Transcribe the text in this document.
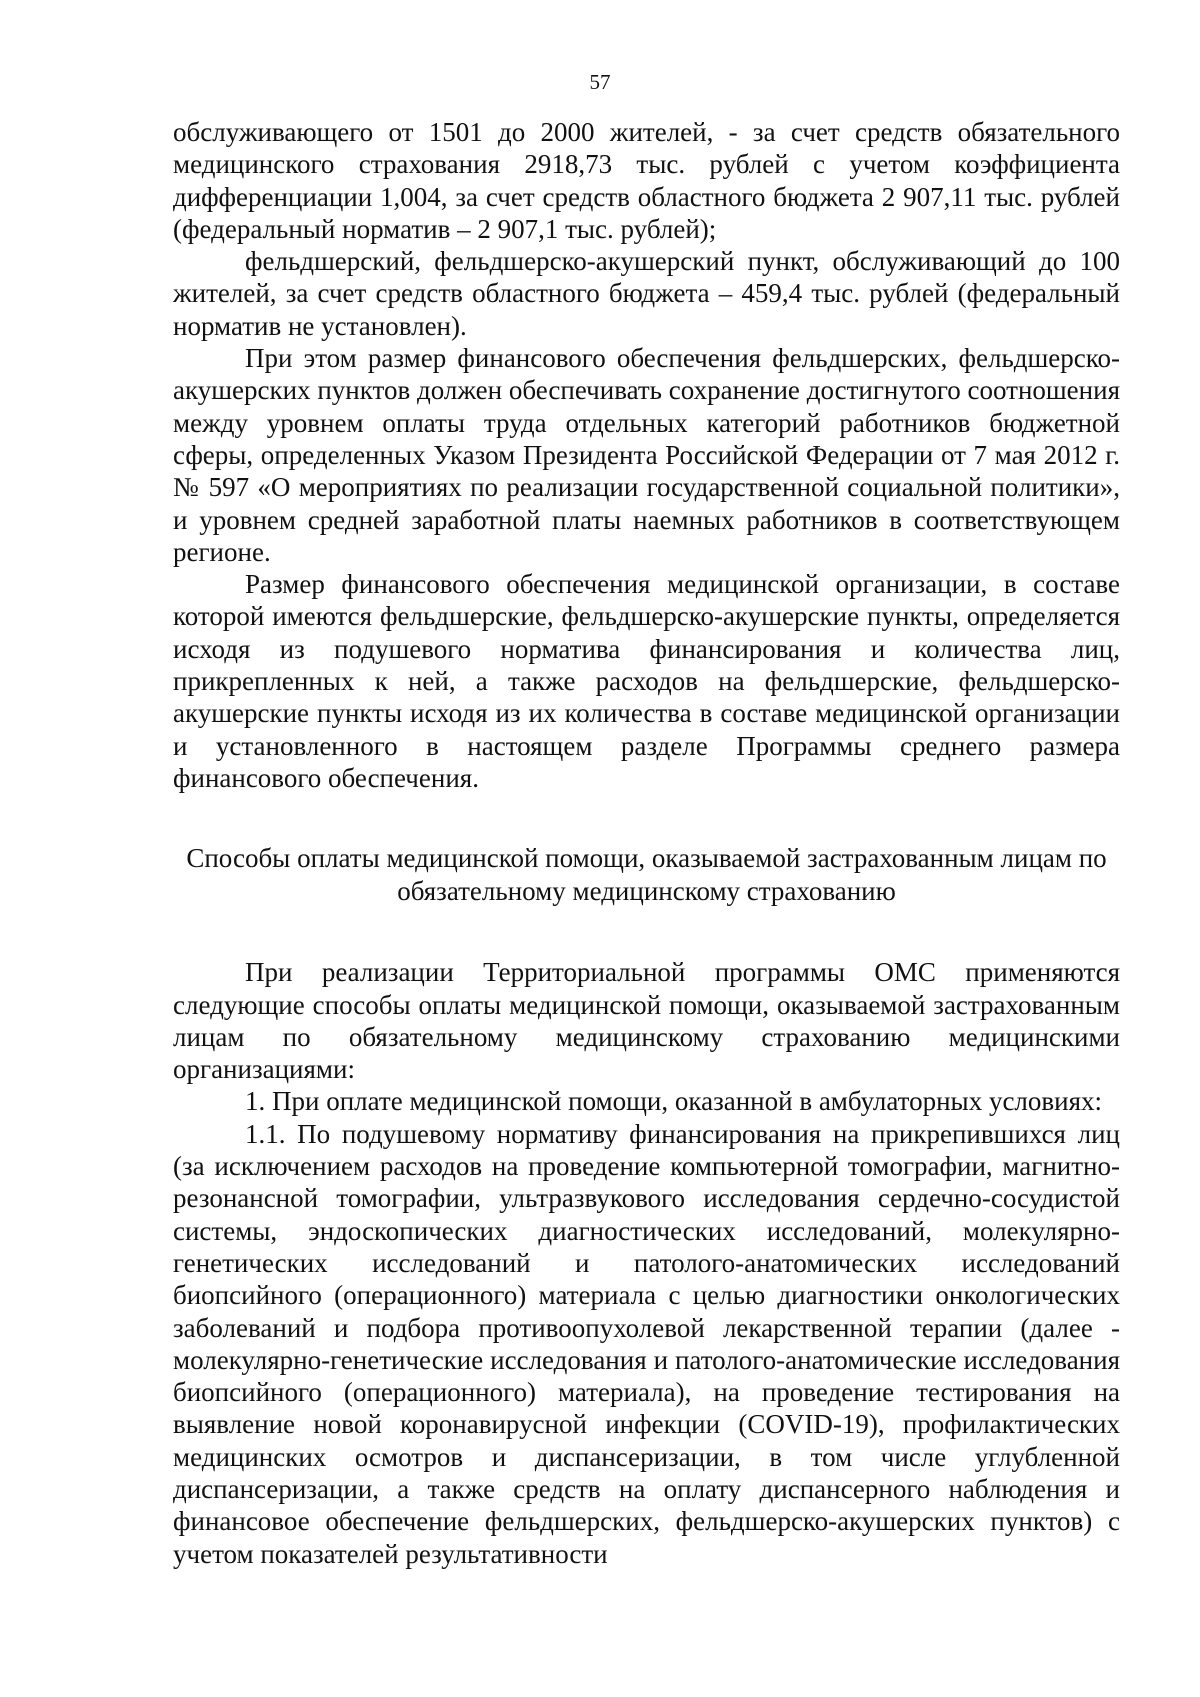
57

обслуживающего от 1501 до 2000 жителей, - за счет средств обязательного медицинского страхования 2918,73 тыс. рублей с учетом коэффициента дифференциации 1,004, за счет средств областного бюджета 2 907,11 тыс. рублей (федеральный норматив – 2 907,1 тыс. рублей);

фельдшерский, фельдшерско-акушерский пункт, обслуживающий до 100 жителей, за счет средств областного бюджета – 459,4 тыс. рублей (федеральный норматив не установлен).

При этом размер финансового обеспечения фельдшерских, фельдшерско-акушерских пунктов должен обеспечивать сохранение достигнутого соотношения между уровнем оплаты труда отдельных категорий работников бюджетной сферы, определенных Указом Президента Российской Федерации от 7 мая 2012 г. № 597 «О мероприятиях по реализации государственной социальной политики», и уровнем средней заработной платы наемных работников в соответствующем регионе.

Размер финансового обеспечения медицинской организации, в составе которой имеются фельдшерские, фельдшерско-акушерские пункты, определяется исходя из подушевого норматива финансирования и количества лиц, прикрепленных к ней, а также расходов на фельдшерские, фельдшерско-акушерские пункты исходя из их количества в составе медицинской организации и установленного в настоящем разделе Программы среднего размера финансового обеспечения.

Способы оплаты медицинской помощи, оказываемой застрахованным лицам по обязательному медицинскому страхованию

При реализации Территориальной программы ОМС применяются следующие способы оплаты медицинской помощи, оказываемой застрахованным лицам по обязательному медицинскому страхованию медицинскими организациями:

1. При оплате медицинской помощи, оказанной в амбулаторных условиях:

1.1. По подушевому нормативу финансирования на прикрепившихся лиц (за исключением расходов на проведение компьютерной томографии, магнитно-резонансной томографии, ультразвукового исследования сердечно-сосудистой системы, эндоскопических диагностических исследований, молекулярно-генетических исследований и патолого-анатомических исследований биопсийного (операционного) материала с целью диагностики онкологических заболеваний и подбора противоопухолевой лекарственной терапии (далее - молекулярно-генетические исследования и патолого-анатомические исследования биопсийного (операционного) материала), на проведение тестирования на выявление новой коронавирусной инфекции (COVID-19), профилактических медицинских осмотров и диспансеризации, в том числе углубленной диспансеризации, а также средств на оплату диспансерного наблюдения и финансовое обеспечение фельдшерских, фельдшерско-акушерских пунктов) с учетом показателей результативности
